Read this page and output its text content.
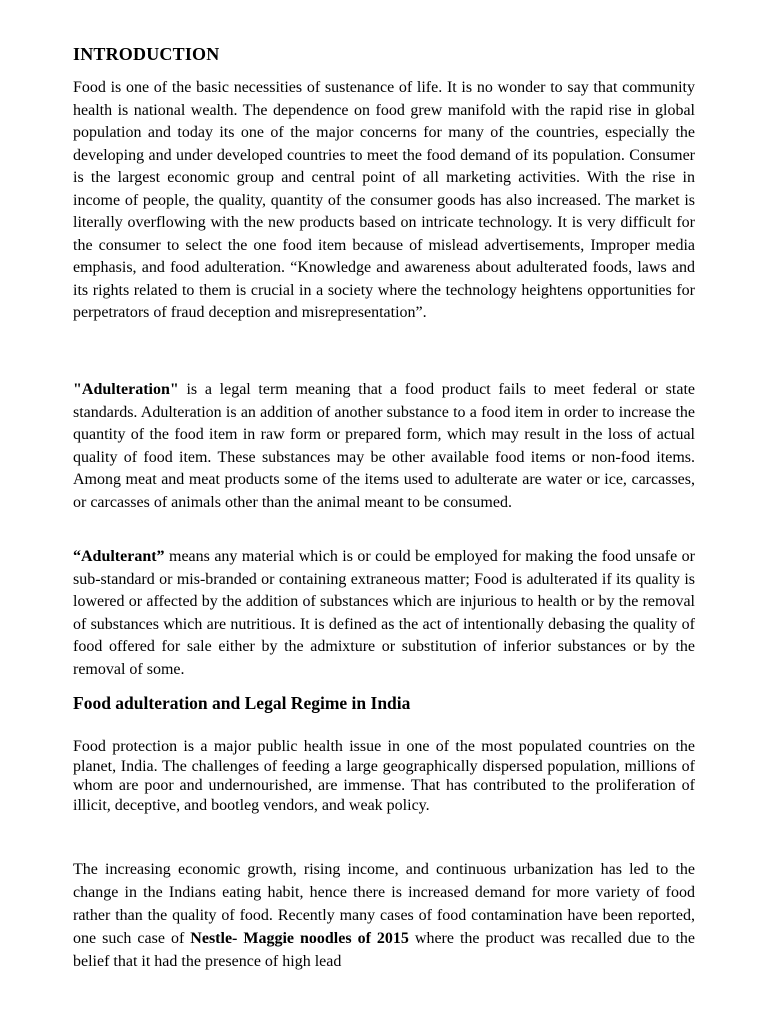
INTRODUCTION

Food is one of the basic necessities of sustenance of life. It is no wonder to say that community health is national wealth. The dependence on food grew manifold with the rapid rise in global population and today its one of the major concerns for many of the countries, especially the developing and under developed countries to meet the food demand of its population. Consumer is the largest economic group and central point of all marketing activities. With the rise in income of people, the quality, quantity of the consumer goods has also increased. The market is literally overflowing with the new products based on intricate technology. It is very difficult for the consumer to select the one food item because of mislead advertisements, Improper media emphasis, and food adulteration. “Knowledge and awareness about adulterated foods, laws and its rights related to them is crucial in a society where the technology heightens opportunities for perpetrators of fraud deception and misrepresentation”.

"Adulteration" is a legal term meaning that a food product fails to meet federal or state standards. Adulteration is an addition of another substance to a food item in order to increase the quantity of the food item in raw form or prepared form, which may result in the loss of actual quality of food item. These substances may be other available food items or non-food items. Among meat and meat products some of the items used to adulterate are water or ice, carcasses, or carcasses of animals other than the animal meant to be consumed.

“Adulterant” means any material which is or could be employed for making the food unsafe or sub-standard or mis-branded or containing extraneous matter; Food is adulterated if its quality is lowered or affected by the addition of substances which are injurious to health or by the removal of substances which are nutritious. It is defined as the act of intentionally debasing the quality of food offered for sale either by the admixture or substitution of inferior substances or by the removal of some.

Food adulteration and Legal Regime in India

Food protection is a major public health issue in one of the most populated countries on the planet, India. The challenges of feeding a large geographically dispersed population, millions of whom are poor and undernourished, are immense. That has contributed to the proliferation of illicit, deceptive, and bootleg vendors, and weak policy.

The increasing economic growth, rising income, and continuous urbanization has led to the change in the Indians eating habit, hence there is increased demand for more variety of food rather than the quality of food. Recently many cases of food contamination have been reported, one such case of Nestle- Maggie noodles of 2015 where the product was recalled due to the belief that it had the presence of high lead
